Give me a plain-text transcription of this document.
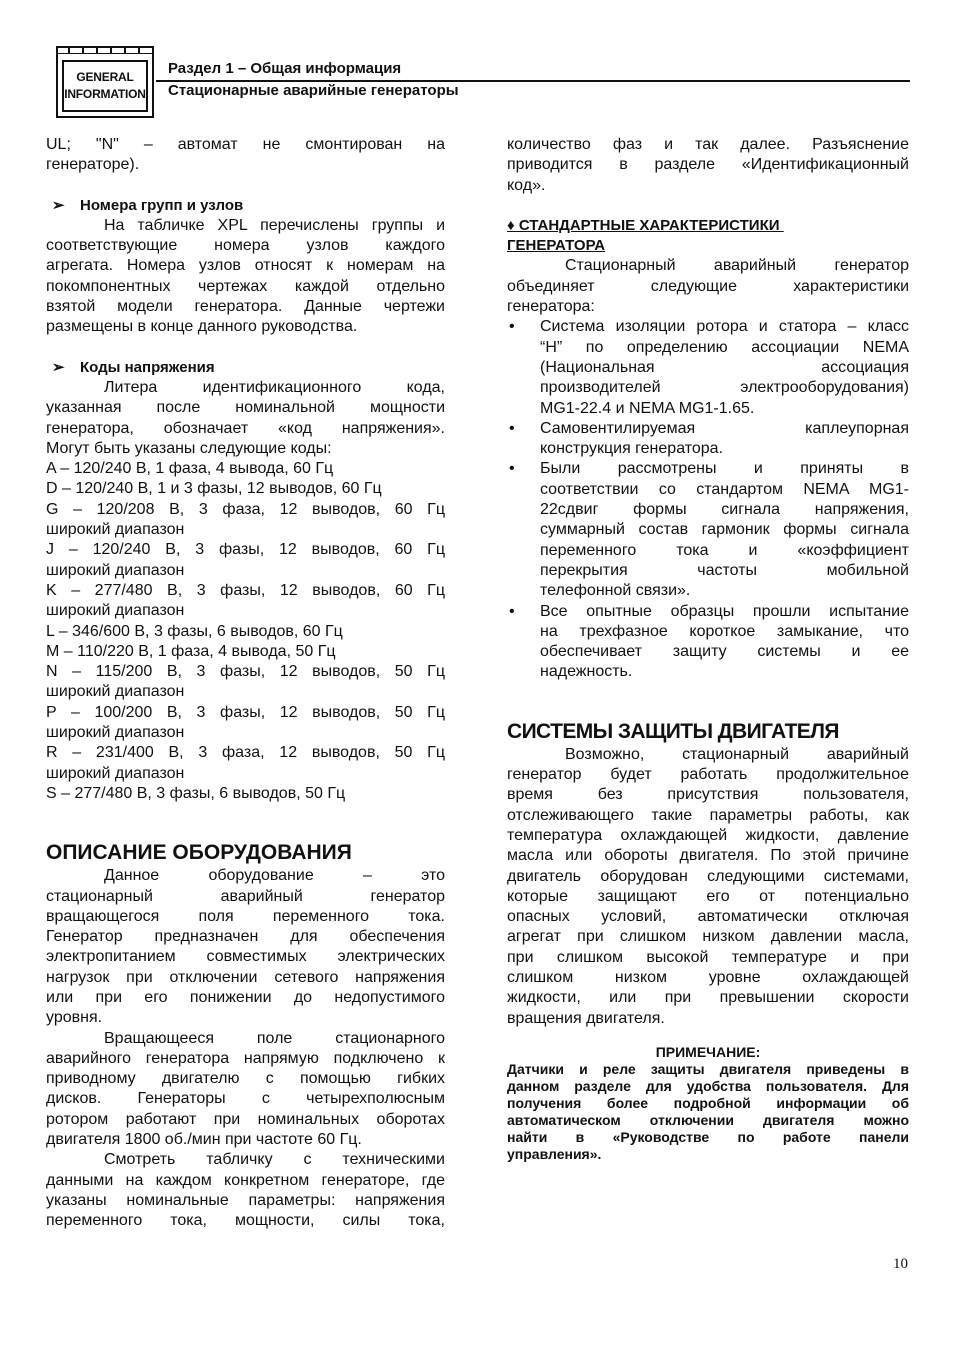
GENERAL
INFORMATION
Раздел 1 – Общая информация
Стационарные аварийные генераторы

UL; "N" – автомат не смонтирован на

генераторе).

➢ Номера групп и узлов

На табличке XPL перечислены группы и

соответствующие номера узлов каждого

агрегата. Номера узлов относят к номерам на

покомпонентных чертежах каждой отдельно

взятой модели генератора. Данные чертежи

размещены в конце данного руководства.

➢ Коды напряжения

Литера идентификационного кода,

указанная после номинальной мощности

генератора, обозначает «код напряжения».

Могут быть указаны следующие коды:

A – 120/240 В, 1 фаза, 4 вывода, 60 Гц

D – 120/240 В, 1 и 3 фазы, 12 выводов, 60 Гц

G – 120/208 В, 3 фаза, 12 выводов, 60 Гц

широкий диапазон

J – 120/240 В, 3 фазы, 12 выводов, 60 Гц

широкий диапазон

K – 277/480 В, 3 фазы, 12 выводов, 60 Гц

широкий диапазон

L – 346/600 В, 3 фазы, 6 выводов, 60 Гц

M – 110/220 В, 1 фаза, 4 вывода, 50 Гц

N – 115/200 В, 3 фазы, 12 выводов, 50 Гц

широкий диапазон

P – 100/200 В, 3 фазы, 12 выводов, 50 Гц

широкий диапазон

R – 231/400 В, 3 фаза, 12 выводов, 50 Гц

широкий диапазон

S – 277/480 В, 3 фазы, 6 выводов, 50 Гц

ОПИСАНИЕ ОБОРУДОВАНИЯ

Данное оборудование – это

стационарный аварийный генератор

вращающегося поля переменного тока.

Генератор предназначен для обеспечения

электропитанием совместимых электрических

нагрузок при отключении сетевого напряжения

или при его понижении до недопустимого

уровня.

Вращающееся поле стационарного

аварийного генератора напрямую подключено к

приводному двигателю с помощью гибких

дисков. Генераторы с четырехполюсным

ротором работают при номинальных оборотах

двигателя 1800 об./мин при частоте 60 Гц.

Смотреть табличку с техническими

данными на каждом конкретном генераторе, где

указаны номинальные параметры: напряжения

переменного тока, мощности, силы тока,

количество фаз и так далее. Разъяснение

приводится в разделе «Идентификационный

код».

♦ СТАНДАРТНЫЕ ХАРАКТЕРИСТИКИ

ГЕНЕРАТОРА

Стационарный аварийный генератор

объединяет следующие характеристики

генератора:

• Система изоляции ротора и статора – класс

“H” по определению ассоциации NEMA

(Национальная ассоциация

производителей электрооборудования)

MG1-22.4 и NEMA MG1-1.65.

• Самовентилируемая каплеупорная

конструкция генератора.

• Были рассмотрены и приняты в

соответствии со стандартом NEMA MG1-

22сдвиг формы сигнала напряжения,

суммарный состав гармоник формы сигнала

переменного тока и «коэффициент

перекрытия частоты мобильной

телефонной связи».

• Все опытные образцы прошли испытание

на трехфазное короткое замыкание, что

обеспечивает защиту системы и ее

надежность.

СИСТЕМЫ ЗАЩИТЫ ДВИГАТЕЛЯ

Возможно, стационарный аварийный

генератор будет работать продолжительное

время без присутствия пользователя,

отслеживающего такие параметры работы, как

температура охлаждающей жидкости, давление

масла или обороты двигателя. По этой причине

двигатель оборудован следующими системами,

которые защищают его от потенциально

опасных условий, автоматически отключая

агрегат при слишком низком давлении масла,

при слишком высокой температуре и при

слишком низком уровне охлаждающей

жидкости, или при превышении скорости

вращения двигателя.

ПРИМЕЧАНИЕ:

Датчики и реле защиты двигателя приведены в

данном разделе для удобства пользователя. Для

получения более подробной информации об

автоматическом отключении двигателя можно

найти в «Руководстве по работе панели

управления».

10
